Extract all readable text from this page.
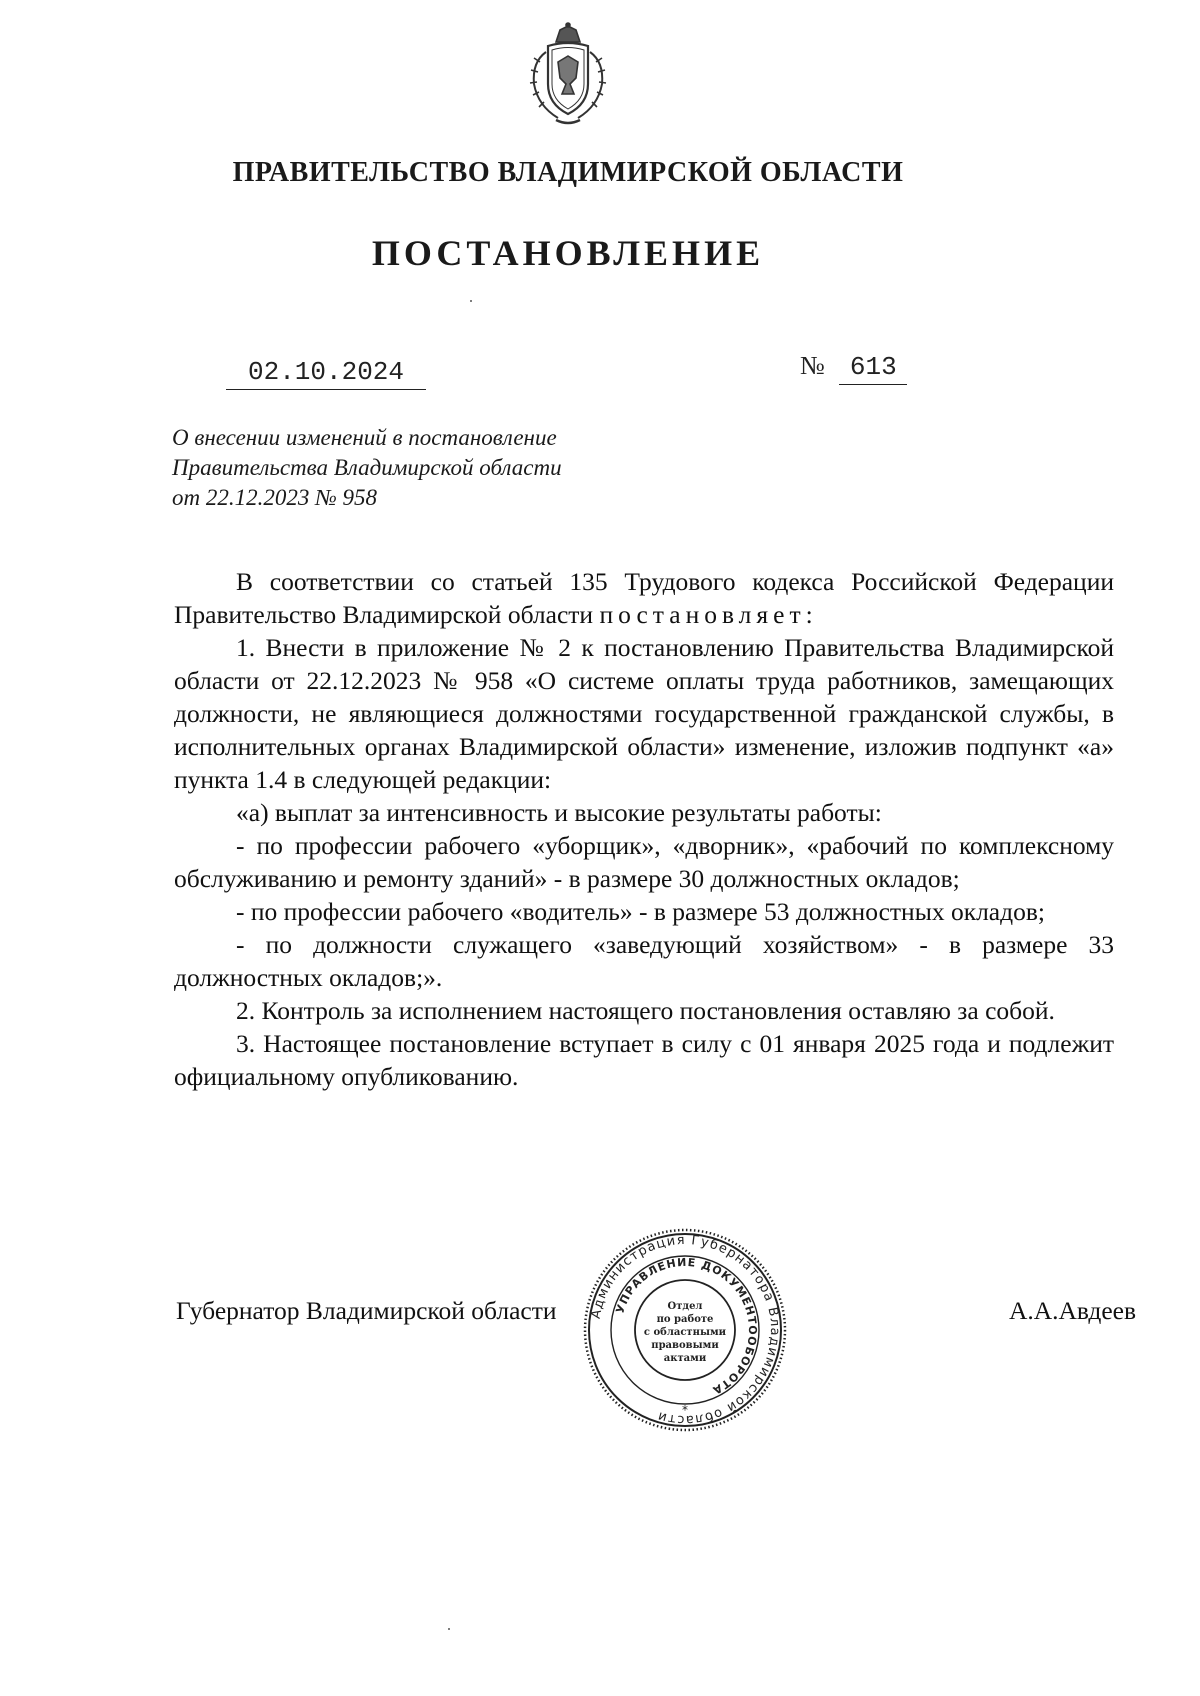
ПРАВИТЕЛЬСТВО ВЛАДИМИРСКОЙ ОБЛАСТИ
ПОСТАНОВЛЕНИЕ
02.10.2024	№ 613
О внесении изменений в постановление
Правительства Владимирской области
от 22.12.2023 № 958

В соответствии со статьей 135 Трудового кодекса Российской Федерации Правительство Владимирской области постановляет:

1. Внести в приложение № 2 к постановлению Правительства Владимирской области от 22.12.2023 № 958 «О системе оплаты труда работников, замещающих должности, не являющиеся должностями государственной гражданской службы, в исполнительных органах Владимирской области» изменение, изложив подпункт «а» пункта 1.4 в следующей редакции:

«а) выплат за интенсивность и высокие результаты работы:

- по профессии рабочего «уборщик», «дворник», «рабочий по комплексному обслуживанию и ремонту зданий» - в размере 30 должностных окладов;

- по профессии рабочего «водитель» - в размере 53 должностных окладов;

- по должности служащего «заведующий хозяйством» - в размере 33 должностных окладов;».

2. Контроль за исполнением настоящего постановления оставляю за собой.

3. Настоящее постановление вступает в силу с 01 января 2025 года и подлежит официальному опубликованию.

Губернатор Владимирской области	А.А.Авдеев
Администрация Губернатора Владимирской области
УПРАВЛЕНИЕ ДОКУМЕНТООБОРОТА
Отдел
по работе
с областными
правовыми
актами
*
